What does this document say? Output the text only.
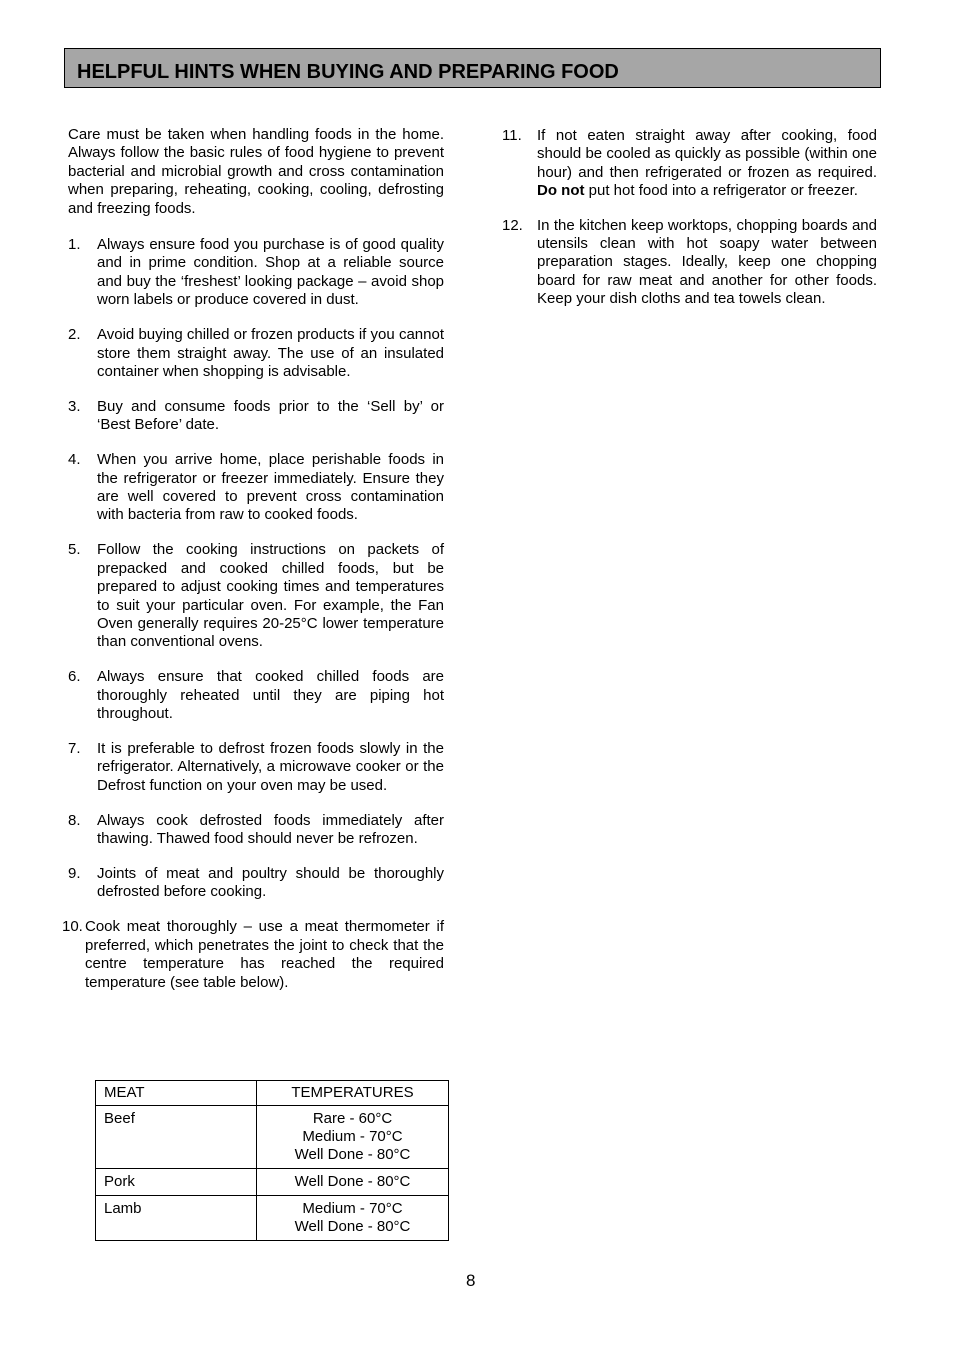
HELPFUL HINTS WHEN BUYING AND PREPARING FOOD

Care must be taken when handling foods in the home. Always follow the basic rules of food hygiene to prevent bacterial and microbial growth and cross contamination when preparing, reheating, cooking, cooling, defrosting and freezing foods.

1.	Always ensure food you purchase is of good quality and in prime condition. Shop at a reliable source and buy the ‘freshest’ looking package – avoid shop worn labels or produce covered in dust.
2.	Avoid buying chilled or frozen products if you cannot store them straight away. The use of an insulated container when shopping is advisable.
3.	Buy and consume foods prior to the ‘Sell by’ or ‘Best Before’ date.
4.	When you arrive home, place perishable foods in the refrigerator or freezer immediately. Ensure they are well covered to prevent cross contamination with bacteria from raw to cooked foods.
5.	Follow the cooking instructions on packets of prepacked and cooked chilled foods, but be prepared to adjust cooking times and temperatures to suit your particular oven. For example, the Fan Oven generally requires 20-25°C lower temperature than conventional ovens.
6.	Always ensure that cooked chilled foods are thoroughly reheated until they are piping hot throughout.
7.	It is preferable to defrost frozen foods slowly in the refrigerator. Alternatively, a microwave cooker or the Defrost function on your oven may be used.
8.	Always cook defrosted foods immediately after thawing. Thawed food should never be refrozen.
9.	Joints of meat and poultry should be thoroughly defrosted before cooking.
10. Cook meat thoroughly – use a meat thermometer if preferred, which penetrates the joint to check that the centre temperature has reached the required temperature (see table below).
MEAT	TEMPERATURES
Beef	Rare - 60°C
Medium - 70°C
Well Done - 80°C

Pork	Well Done - 80°C

Lamb	Medium - 70°C
Well Done - 80°C
11.	If not eaten straight away after cooking, food should be cooled as quickly as possible (within one hour) and then refrigerated or frozen as required. Do not put hot food into a refrigerator or freezer.
12. In the kitchen keep worktops, chopping boards and utensils clean with hot soapy water between preparation stages. Ideally, keep one chopping board for raw meat and another for other foods. Keep your dish cloths and tea towels clean.
8
